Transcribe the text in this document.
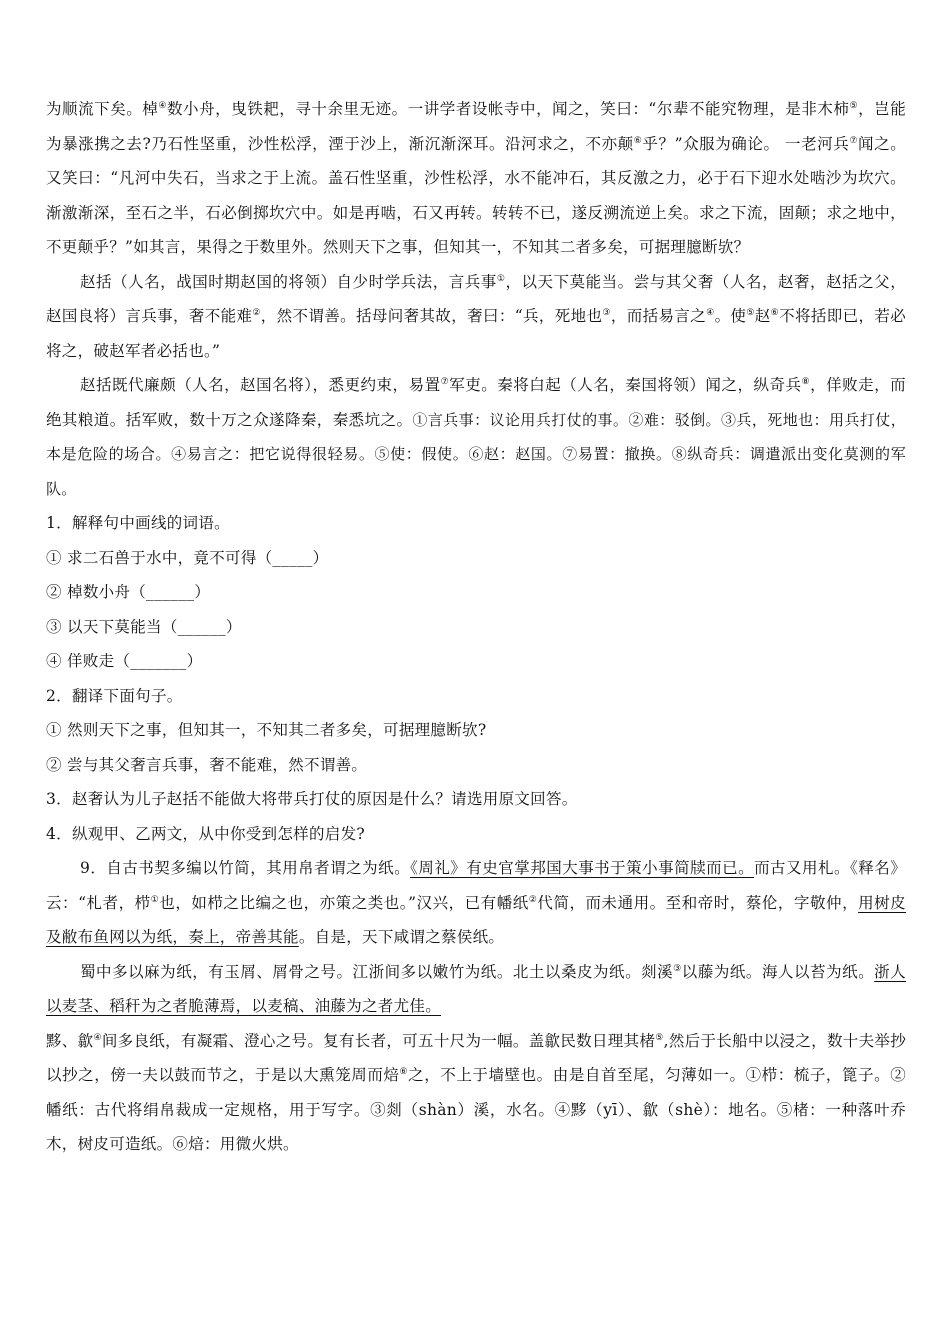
为顺流下矣。棹④数小舟，曳铁耙，寻十余里无迹。一讲学者设帐寺中，闻之，笑曰：“尔辈不能究物理，是非木柿⑤，岂能为暴涨携之去?乃石性坚重，沙性松浮，湮于沙上，渐沉渐深耳。沿河求之，不亦颠⑥乎？”众服为确论。 一老河兵⑦闻之。又笑曰：“凡河中失石，当求之于上流。盖石性坚重，沙性松浮，水不能冲石，其反激之力，必于石下迎水处啮沙为坎穴。渐激渐深，至石之半，石必倒掷坎穴中。如是再啮，石又再转。转转不已，遂反溯流逆上矣。求之下流，固颠；求之地中，不更颠乎？”如其言，果得之于数里外。然则天下之事，但知其一，不知其二者多矣，可据理臆断欤？

赵括（人名，战国时期赵国的将领）自少时学兵法，言兵事①，以天下莫能当。尝与其父奢（人名，赵奢，赵括之父，赵国良将）言兵事，奢不能难②，然不谓善。括母问奢其故，奢曰：“兵，死地也③，而括易言之④。使⑤赵⑥不将括即已，若必将之，破赵军者必括也。”

赵括既代廉颇（人名，赵国名将），悉更约束，易置⑦军吏。秦将白起（人名，秦国将领）闻之，纵奇兵⑧，佯败走，而绝其粮道。括军败，数十万之众遂降秦，秦悉坑之。①言兵事：议论用兵打仗的事。②难：驳倒。③兵，死地也：用兵打仗，本是危险的场合。④易言之：把它说得很轻易。⑤使：假使。⑥赵：赵国。⑦易置：撤换。⑧纵奇兵：调遣派出变化莫测的军队。

1．解释句中画线的词语。

① 求二石兽于水中，竟不可得（_____）

② 棹数小舟（______）

③ 以天下莫能当（______）

④ 佯败走（_______）

2．翻译下面句子。

① 然则天下之事，但知其一，不知其二者多矣，可据理臆断欤?

② 尝与其父奢言兵事，奢不能难，然不谓善。

3．赵奢认为儿子赵括不能做大将带兵打仗的原因是什么？请选用原文回答。

4．纵观甲、乙两文，从中你受到怎样的启发?

9．自古书契多编以竹简，其用帛者谓之为纸。《周礼》有史官掌邦国大事书于策小事简牍而已。而古又用札。《释名》云：“札者，栉①也，如栉之比编之也，亦策之类也。”汉兴，已有幡纸②代简，而未通用。至和帝时，蔡伦，字敬仲，用树皮及敝布鱼网以为纸，奏上，帝善其能。自是，天下咸谓之蔡侯纸。

蜀中多以麻为纸，有玉屑、屑骨之号。江浙间多以嫩竹为纸。北土以桑皮为纸。剡溪③以藤为纸。海人以苔为纸。浙人以麦茎、稻秆为之者脆薄焉，以麦稿、油藤为之者尤佳。

黟、歙④间多良纸，有凝霜、澄心之号。复有长者，可五十尺为一幅。盖歙民数日理其楮⑤,然后于长船中以浸之，数十夫举抄以抄之，傍一夫以鼓而节之，于是以大熏笼周而焙⑥之，不上于墙壁也。由是自首至尾，匀薄如一。①栉：梳子，篦子。②幡纸：古代将绢帛裁成一定规格，用于写字。③剡（shàn）溪，水名。④黟（yī）、歙（shè）：地名。⑤楮：一种落叶乔木，树皮可造纸。⑥焙：用微火烘。
